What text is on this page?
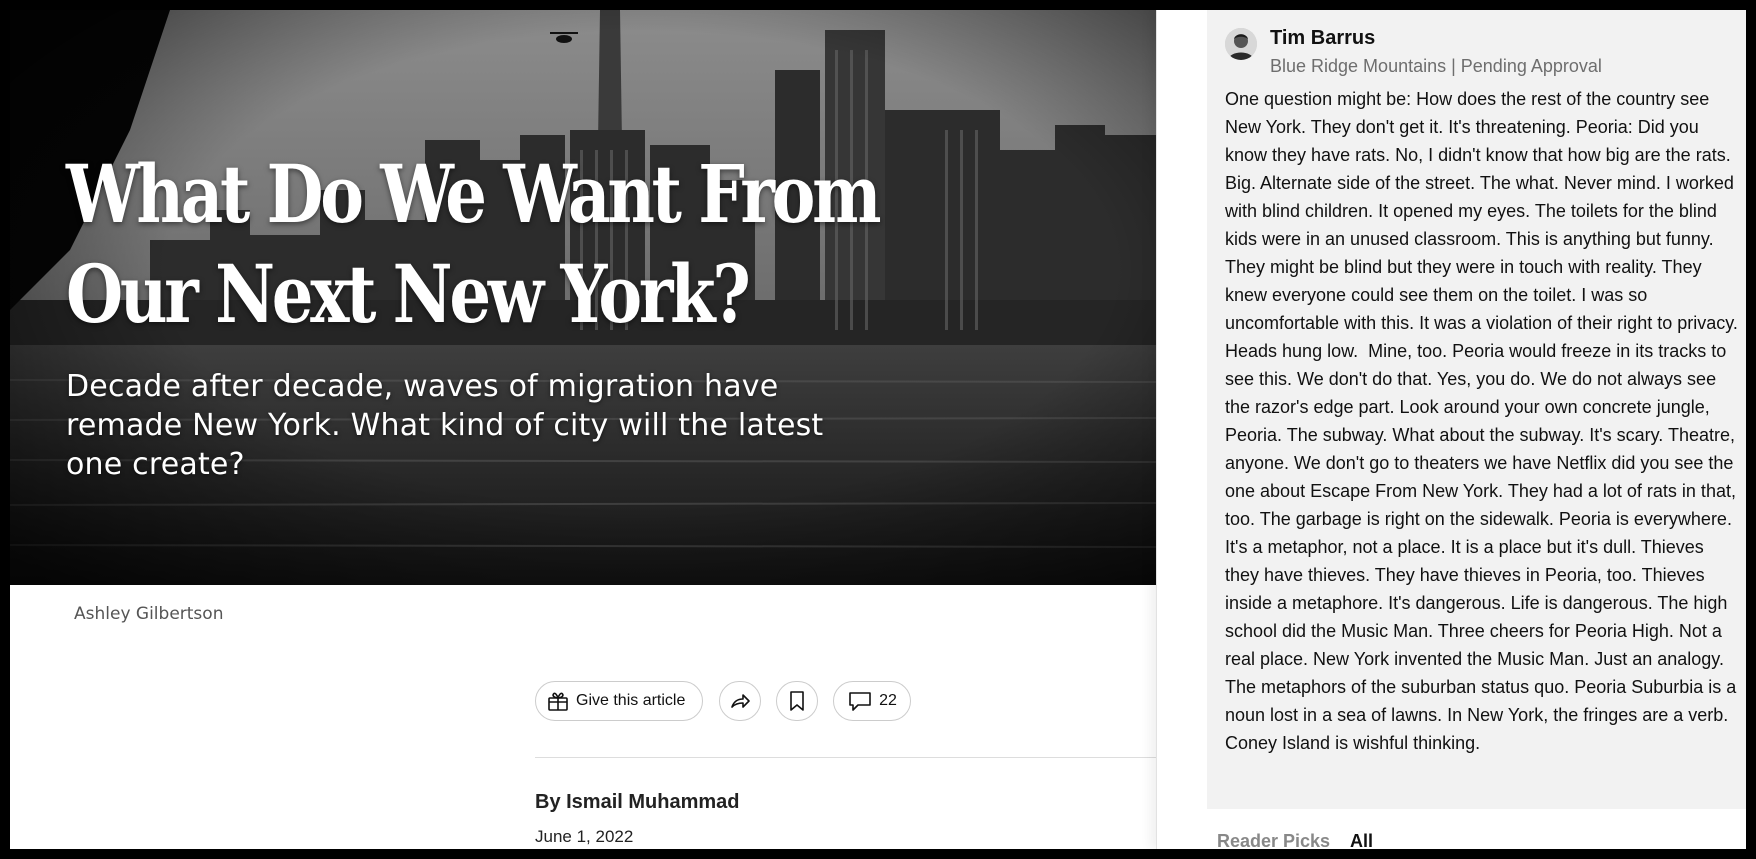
What Do We Want From Our Next New York?

Decade after decade, waves of migration have remade New York. What kind of city will the latest one create?

Ashley Gilbertson
Give this article	22
By Ismail Muhammad
June 1, 2022
Tim Barrus
Blue Ridge Mountains | Pending Approval

One question might be: How does the rest of the country see New York. They don't get it. It's threatening. Peoria: Did you know they have rats. No, I didn't know that how big are the rats. Big. Alternate side of the street. The what. Never mind. I worked with blind children. It opened my eyes. The toilets for the blind kids were in an unused classroom. This is anything but funny. They might be blind but they were in touch with reality. They knew everyone could see them on the toilet. I was so uncomfortable with this. It was a violation of their right to privacy. Heads hung low.  Mine, too. Peoria would freeze in its tracks to see this. We don't do that. Yes, you do. We do not always see the razor's edge part. Look around your own concrete jungle, Peoria. The subway. What about the subway. It's scary. Theatre, anyone. We don't go to theaters we have Netflix did you see the one about Escape From New York. They had a lot of rats in that, too. The garbage is right on the sidewalk. Peoria is everywhere. It's a metaphor, not a place. It is a place but it's dull. Thieves they have thieves. They have thieves in Peoria, too. Thieves inside a metaphore. It's dangerous. Life is dangerous. The high school did the Music Man. Three cheers for Peoria High. Not a real place. New York invented the Music Man. Just an analogy. The metaphors of the suburban status quo. Peoria Suburbia is a noun lost in a sea of lawns. In New York, the fringes are a verb. Coney Island is wishful thinking.

Reader Picks All
